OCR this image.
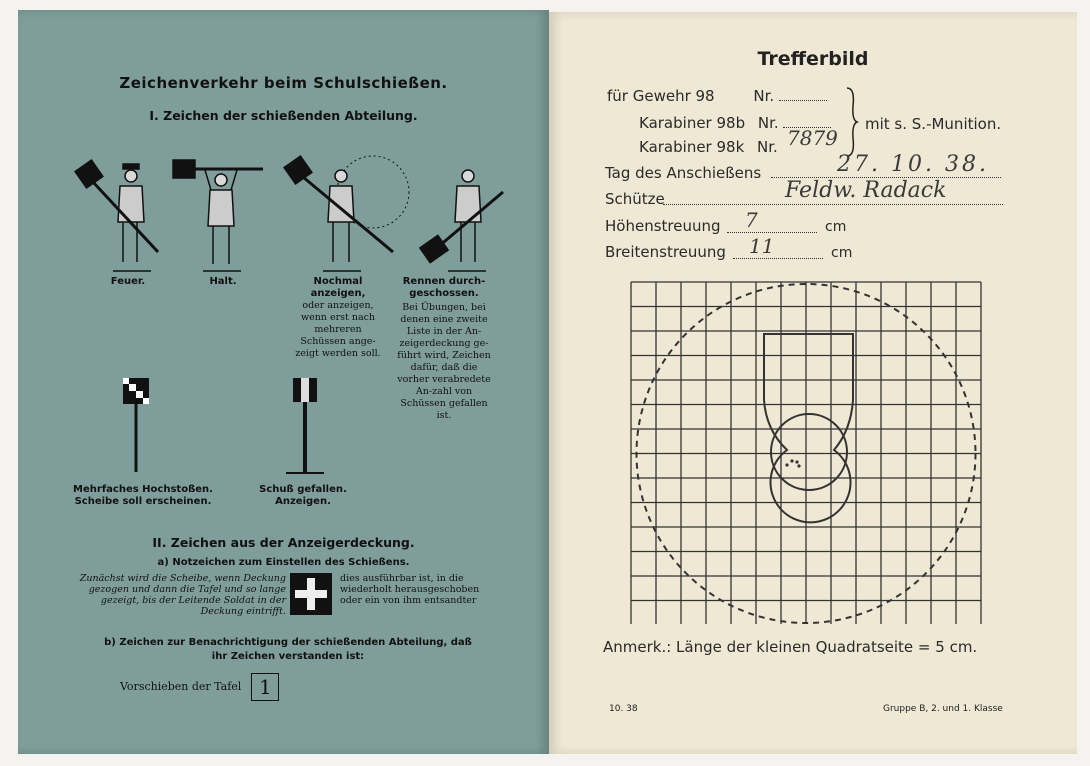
Zeichenverkehr beim Schulschießen.
I. Zeichen der schießenden Abteilung.
Feuer.	Halt.	Nochmal anzeigen,
oder anzeigen, wenn erst nach mehreren Schüssen ange-zeigt werden soll.
Rennen durch-geschossen.
Bei Übungen, bei denen eine zweite Liste in der An-zeigerdeckung ge-führt wird, Zeichen dafür, daß die vorher verabredete An-zahl von Schüssen gefallen ist.
Mehrfaches Hochstoßen. Scheibe soll erscheinen.
Schuß gefallen. Anzeigen.
II. Zeichen aus der Anzeigerdeckung.
a) Notzeichen zum Einstellen des Schießens.
Zunächst wird die Scheibe, wenn Deckung gezogen und dann die Tafel und so lange gezeigt, bis der Leitende Soldat in der Deckung eintrifft.
dies ausführbar ist, in die wiederholt herausgeschoben oder ein von ihm entsandter
b) Zeichen zur Benachrichtigung der schießenden Abteilung, daß ihr Zeichen verstanden ist:
Vorschieben der Tafel 1
Trefferbild
für Gewehr 98	Nr.
Karabiner 98b Nr.
Karabiner 98k Nr. 7879
mit s. S.-Munition.
Tag des Anschießens	27. 10. 38.
Schütze	Feldw. Radack
Höhenstreuung 7	cm
Breitenstreuung 11	cm
Anmerk.: Länge der kleinen Quadratseite = 5 cm.
10. 38	Gruppe B, 2. und 1. Klasse
